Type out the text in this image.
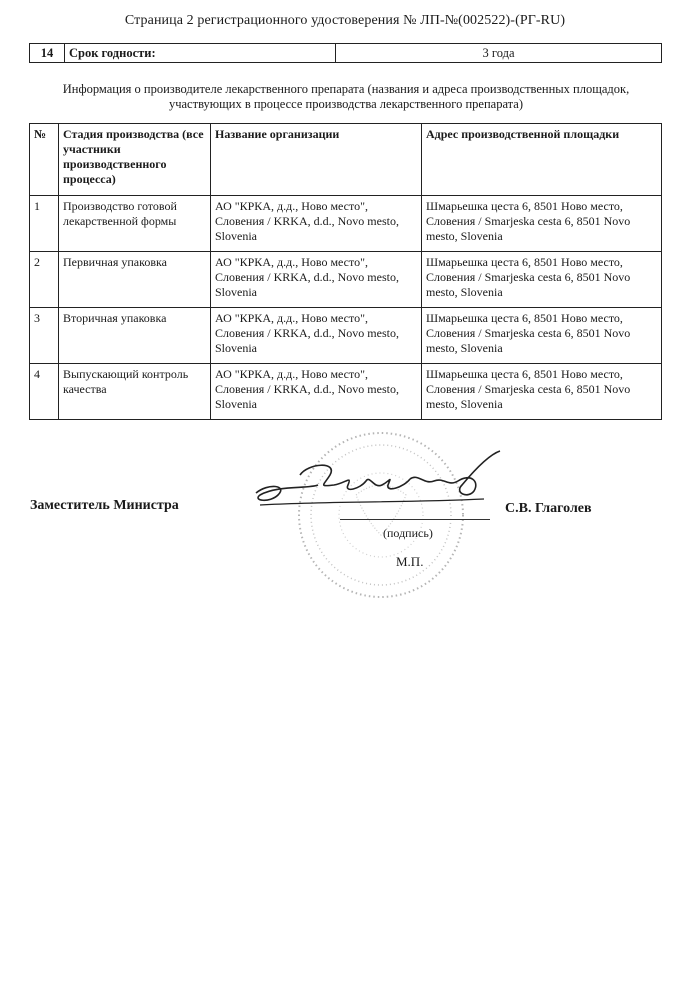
Страница 2 регистрационного удостоверения № ЛП-№(002522)-(РГ-RU)
14	Срок годности:	3 года
Информация о производителе лекарственного препарата (названия и адреса производственных площадок, участвующих в процессе производства лекарственного препарата)
№	Стадия производства (все участники производственного процесса)	Название организации	Адрес производственной площадки
1	Производство готовой лекарственной формы	АО "КРКА, д.д., Ново место", Словения / KRKA, d.d., Novo mesto, Slovenia	Шмарьешка цеста 6, 8501 Ново место, Словения / Smarjeska cesta 6, 8501 Novo mesto, Slovenia
2	Первичная упаковка	АО "КРКА, д.д., Ново место", Словения / KRKA, d.d., Novo mesto, Slovenia	Шмарьешка цеста 6, 8501 Ново место, Словения / Smarjeska cesta 6, 8501 Novo mesto, Slovenia
3	Вторичная упаковка	АО "КРКА, д.д., Ново место", Словения / KRKA, d.d., Novo mesto, Slovenia	Шмарьешка цеста 6, 8501 Ново место, Словения / Smarjeska cesta 6, 8501 Novo mesto, Slovenia
4	Выпускающий контроль качества	АО "КРКА, д.д., Ново место", Словения / KRKA, d.d., Novo mesto, Slovenia	Шмарьешка цеста 6, 8501 Ново место, Словения / Smarjeska cesta 6, 8501 Novo mesto, Slovenia
Заместитель Министра	С.В. Глаголев
(подпись)
М.П.
